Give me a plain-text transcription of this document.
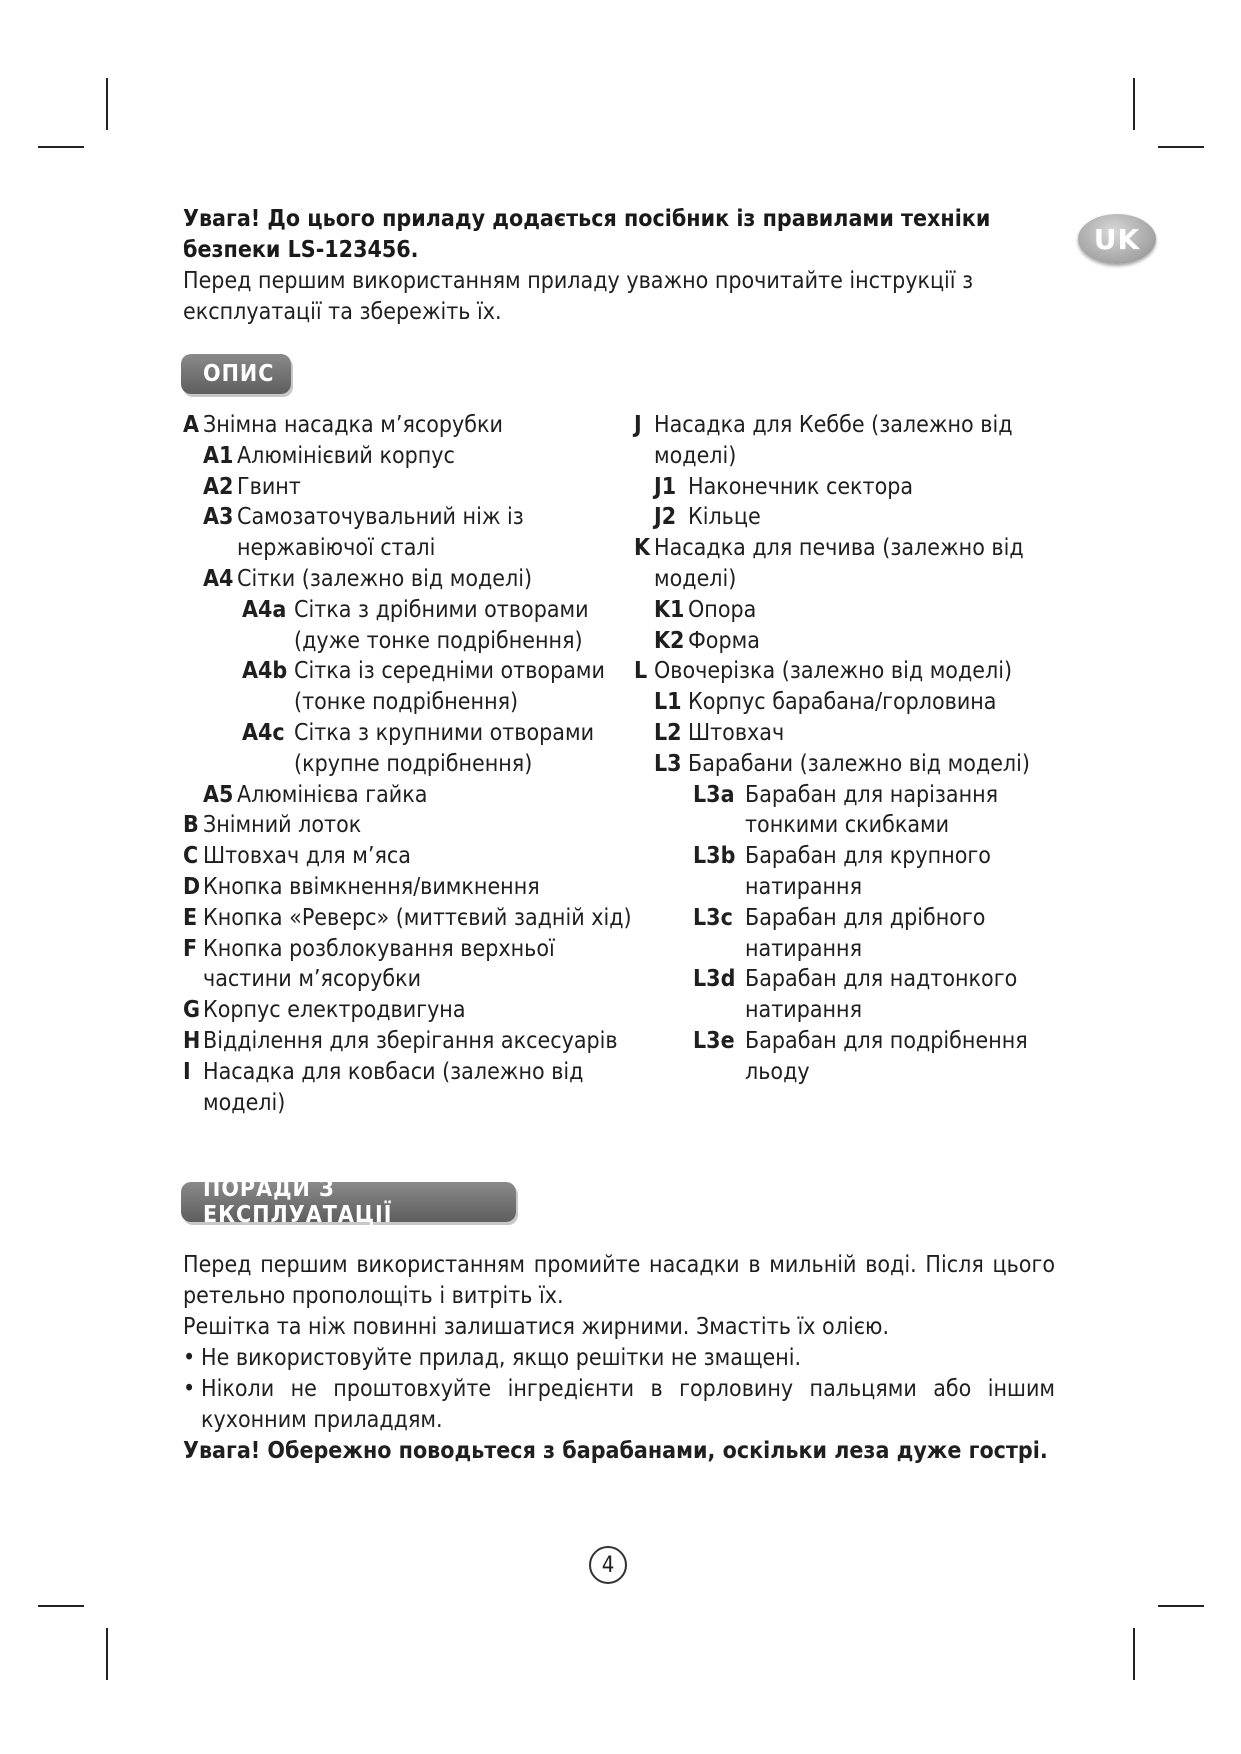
UK

Увага! До цього приладу додається посібник із правилами техніки безпеки LS-123456.

Перед першим використанням приладу уважно прочитайте інструкції з експлуатації та збережіть їх.

ОПИС
A Знімна насадка м’ясорубки
A1 Алюмінієвий корпус
A2 Гвинт
A3 Самозаточувальний ніж із нержавіючої сталі
A4 Сітки (залежно від моделі)
A4a Сітка з дрібними отворами (дуже тонке подрібнення)
A4b Сітка із середніми отворами (тонке подрібнення)
A4c Сітка з крупними отворами (крупне подрібнення)
A5 Алюмінієва гайка
B Знімний лоток
C Штовхач для м’яса
D Кнопка ввімкнення/вимкнення
E Кнопка «Реверс» (миттєвий задній хід)
F Кнопка розблокування верхньої частини м’ясорубки
G Корпус електродвигуна
H Відділення для зберігання аксесуарів
I Насадка для ковбаси (залежно від моделі)
J Насадка для Кеббе (залежно від моделі)
J1 Наконечник сектора
J2 Кільце
K Насадка для печива (залежно від моделі)
K1 Опора
K2 Форма
L Овочерізка (залежно від моделі)
L1 Корпус барабана/горловина
L2 Штовхач
L3 Барабани (залежно від моделі)
L3a Барабан для нарізання тонкими скибками
L3b Барабан для крупного натирання
L3c Барабан для дрібного натирання
L3d Барабан для надтонкого натирання
L3e Барабан для подрібнення льоду
ПОРАДИ З ЕКСПЛУАТАЦІЇ

Перед першим використанням промийте насадки в мильній воді. Після цього ретельно прополощіть і витріть їх.

Решітка та ніж повинні залишатися жирними. Змастіть їх олією.

• Не використовуйте прилад, якщо решітки не змащені.
• Ніколи не проштовхуйте інгредієнти в горловину пальцями або іншим кухонним приладдям.

Увага! Обережно поводьтеся з барабанами, оскільки леза дуже гострі.

4
